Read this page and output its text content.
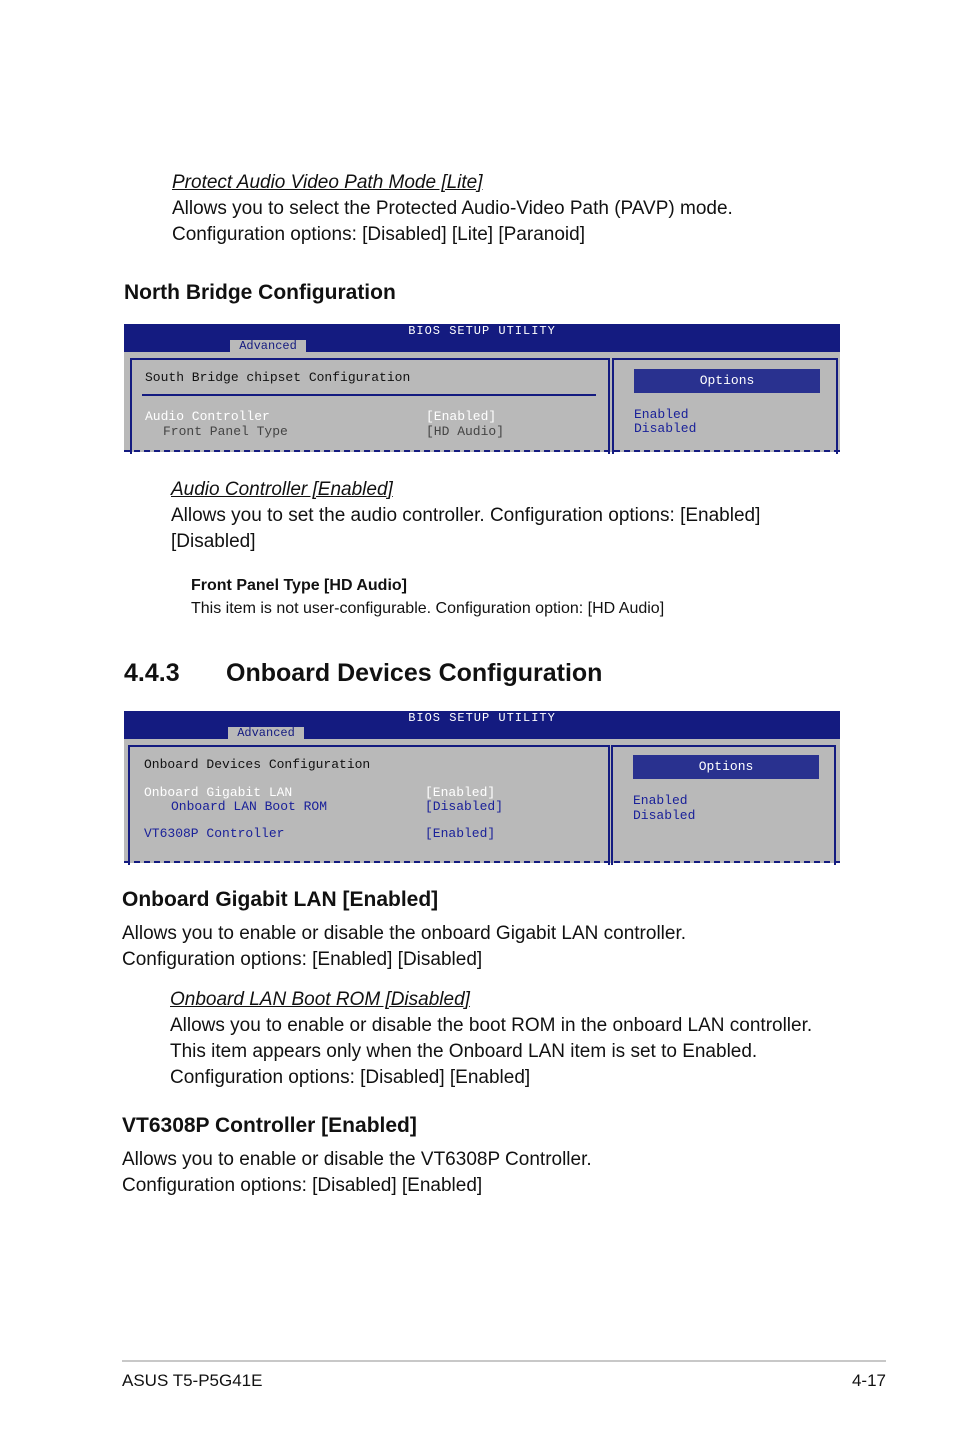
Protect Audio Video Path Mode [Lite]
Allows you to select the Protected Audio-Video Path (PAVP) mode.
Configuration options: [Disabled] [Lite] [Paranoid]
North Bridge Configuration
BIOS SETUP UTILITY
Advanced
South Bridge chipset Configuration
Audio Controller	[Enabled]
Front Panel Type	[HD Audio]
Options
Enabled
Disabled
Audio Controller [Enabled]
Allows you to set the audio controller. Configuration options: [Enabled]
[Disabled]
Front Panel Type [HD Audio]
This item is not user-configurable. Configuration option: [HD Audio]
4.4.3 Onboard Devices Configuration
BIOS SETUP UTILITY
Advanced
Onboard Devices Configuration
Onboard Gigabit LAN	[Enabled]
Onboard LAN Boot ROM	[Disabled]
VT6308P Controller	[Enabled]
Options
Enabled
Disabled
Onboard Gigabit LAN [Enabled]
Allows you to enable or disable the onboard Gigabit LAN controller.
Configuration options: [Enabled] [Disabled]
Onboard LAN Boot ROM [Disabled]
Allows you to enable or disable the boot ROM in the onboard LAN controller.
This item appears only when the Onboard LAN item is set to Enabled.
Configuration options: [Disabled] [Enabled]
VT6308P Controller [Enabled]
Allows you to enable or disable the VT6308P Controller.
Configuration options: [Disabled] [Enabled]
ASUS T5-P5G41E	4-17
